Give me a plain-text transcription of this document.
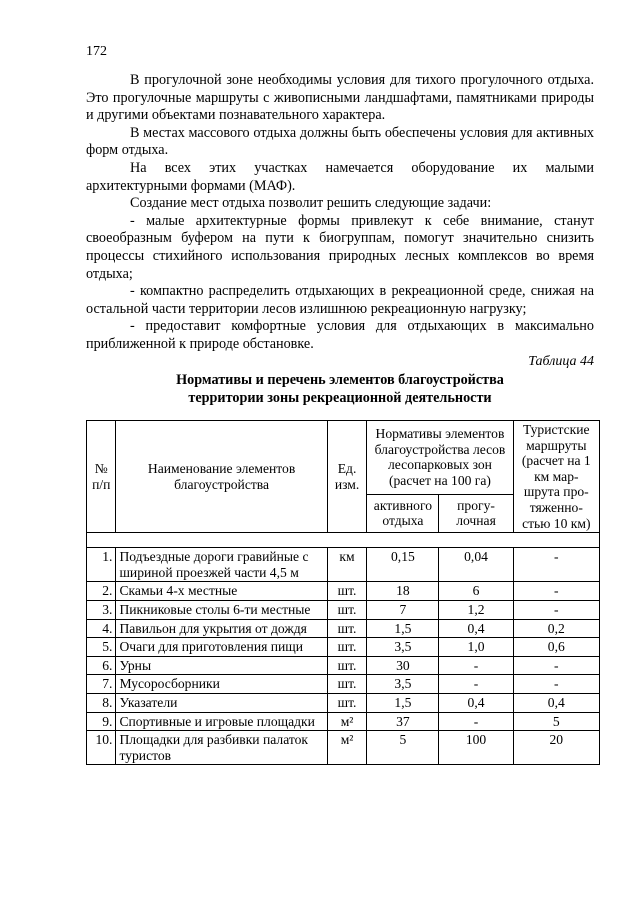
172

В прогулочной зоне необходимы условия для тихого прогулочного отдыха. Это прогулочные маршруты с живописными ландшафтами, памятниками природы и другими объектами познавательного характера.

В местах массового отдыха должны быть обеспечены условия для активных форм отдыха.

На всех этих участках намечается оборудование их малыми архитектурными формами (МАФ).

Создание мест отдыха позволит решить следующие задачи:

- малые архитектурные формы привлекут к себе внимание, станут своеобразным буфером на пути к биогруппам, помогут значительно снизить процессы стихийного использования природных лесных комплексов во время отдыха;

- компактно распределить отдыхающих в рекреационной среде, снижая на остальной части территории лесов излишнюю рекреационную нагрузку;

- предоставит комфортные условия для отдыхающих в максимально приближенной к природе обстановке.

Таблица 44
Нормативы и перечень элементов благоустройства
территории зоны рекреационной деятельности
№ п/п	Наименование элементов благоустройства	Ед. изм.	Нормативы элементов благоустройства лесов лесопарковых зон (расчет на 100 га)		Туристские маршруты (расчет на 1 км мар-шрута про-тяженно-стью 10 км)
			активного отдыха	прогу-лочная	

1.	Подъездные дороги гравийные с шириной проезжей части 4,5 м	км	0,15	0,04	-
2.	Скамьи 4-х местные	шт.	18	6	-
3.	Пикниковые столы 6-ти местные	шт.	7	1,2	-
4.	Павильон для укрытия от дождя	шт.	1,5	0,4	0,2
5.	Очаги для приготовления пищи	шт.	3,5	1,0	0,6
6.	Урны	шт.	30	-	-
7.	Мусоросборники	шт.	3,5	-	-
8.	Указатели	шт.	1,5	0,4	0,4
9.	Спортивные и игровые площадки	м²	37	-	5
10.	Площадки для разбивки палаток туристов	м²	5	100	20
